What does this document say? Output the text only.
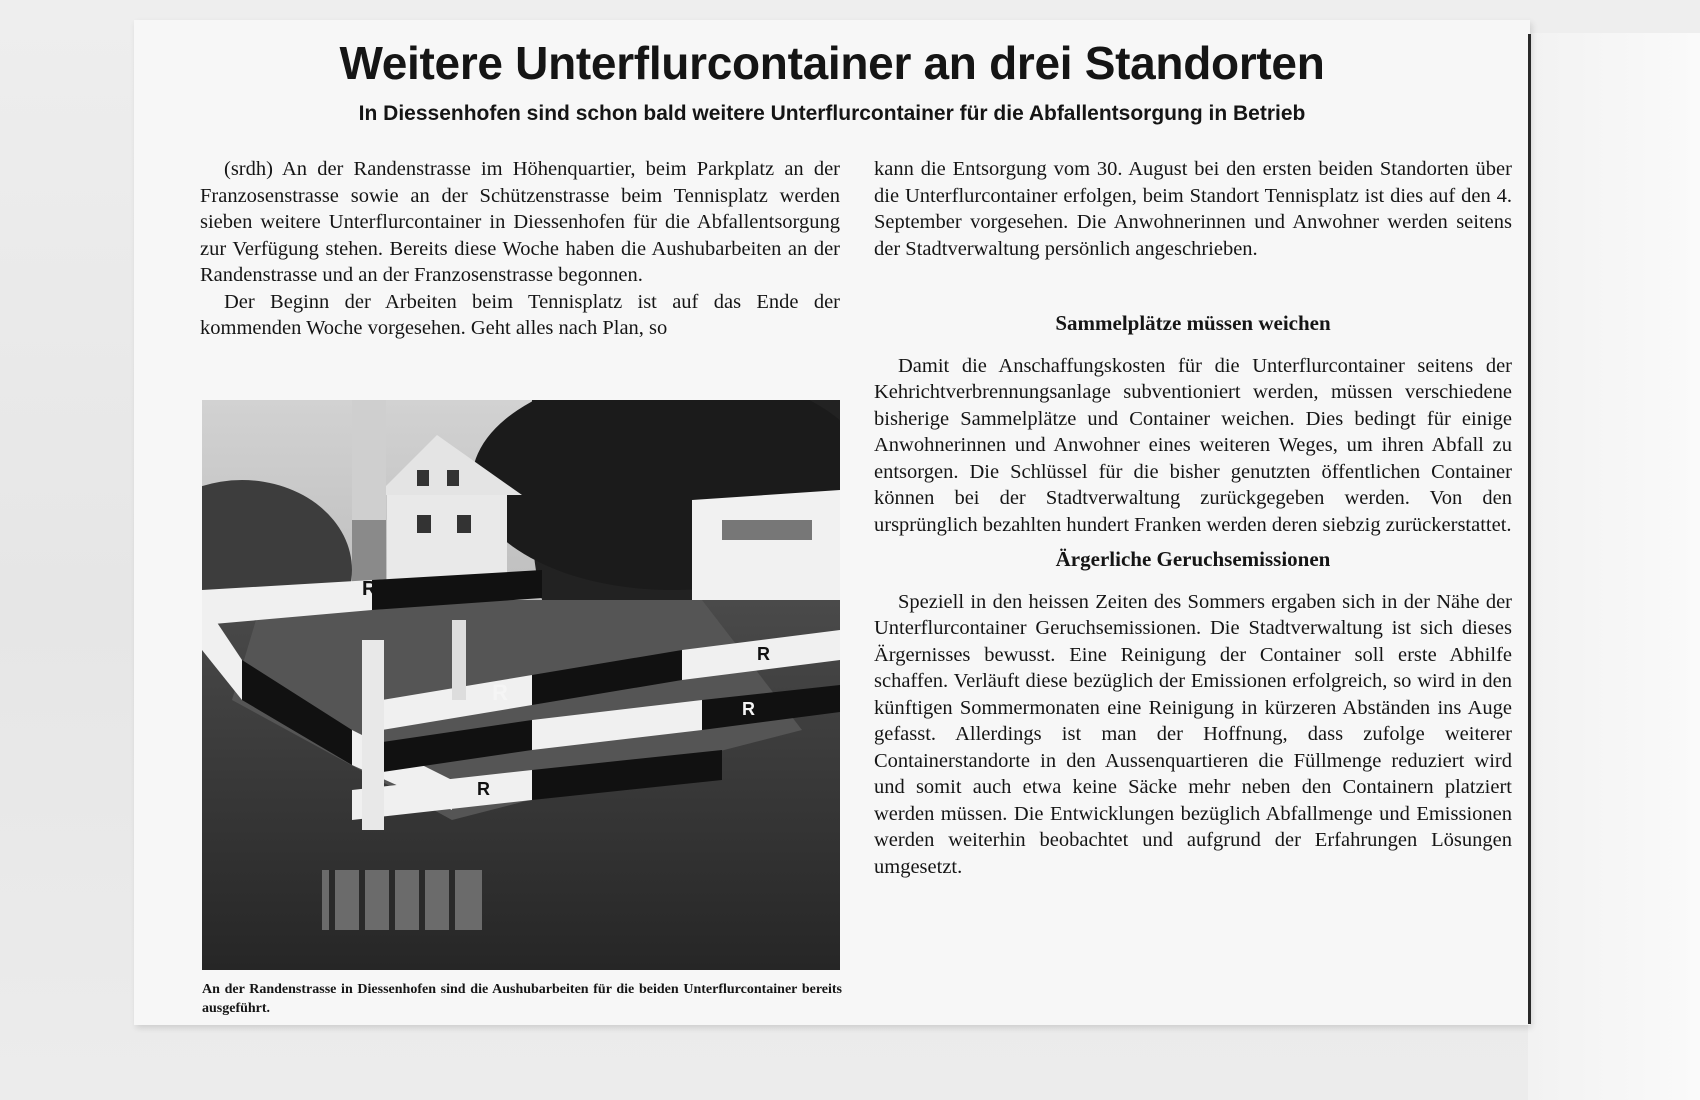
Weitere Unterflurcontainer an drei Standorten
In Diessenhofen sind schon bald weitere Unterflurcontainer für die Abfallentsorgung in Betrieb

(srdh) An der Randenstrasse im Höhenquartier, beim Parkplatz an der Franzosenstrasse sowie an der Schützenstrasse beim Tennisplatz werden sieben weitere Unterflurcontainer in Diessenhofen für die Abfallentsorgung zur Verfügung stehen. Bereits diese Woche haben die Aushubarbeiten an der Randenstrasse und an der Franzosenstrasse begonnen.

Der Beginn der Arbeiten beim Tennisplatz ist auf das Ende der kommenden Woche vorgesehen. Geht alles nach Plan, so

R
R
R
R
R
An der Randenstrasse in Diessenhofen sind die Aushubarbeiten für die beiden Unterflurcontainer bereits ausgeführt.

kann die Entsorgung vom 30. August bei den ersten beiden Standorten über die Unterflurcontainer erfolgen, beim Standort Tennisplatz ist dies auf den 4. September vorgesehen. Die Anwohnerinnen und Anwohner werden seitens der Stadtverwaltung persönlich angeschrieben.

Sammelplätze müssen weichen

Damit die Anschaffungskosten für die Unterflurcontainer seitens der Kehrichtverbrennungsanlage subventioniert werden, müssen verschiedene bisherige Sammelplätze und Container weichen. Dies bedingt für einige Anwohnerinnen und Anwohner eines weiteren Weges, um ihren Abfall zu entsorgen. Die Schlüssel für die bisher genutzten öffentlichen Container können bei der Stadtverwaltung zurückgegeben werden. Von den ursprünglich bezahlten hundert Franken werden deren siebzig zurückerstattet.

Ärgerliche Geruchsemissionen

Speziell in den heissen Zeiten des Sommers ergaben sich in der Nähe der Unterflurcontainer Geruchsemissionen. Die Stadtverwaltung ist sich dieses Ärgernisses bewusst. Eine Reinigung der Container soll erste Abhilfe schaffen. Verläuft diese bezüglich der Emissionen erfolgreich, so wird in den künftigen Sommermonaten eine Reinigung in kürzeren Abständen ins Auge gefasst. Allerdings ist man der Hoffnung, dass zufolge weiterer Containerstandorte in den Aussenquartieren die Füllmenge reduziert wird und somit auch etwa keine Säcke mehr neben den Containern platziert werden müssen. Die Entwicklungen bezüglich Abfallmenge und Emissionen werden weiterhin beobachtet und aufgrund der Erfahrungen Lösungen umgesetzt.
